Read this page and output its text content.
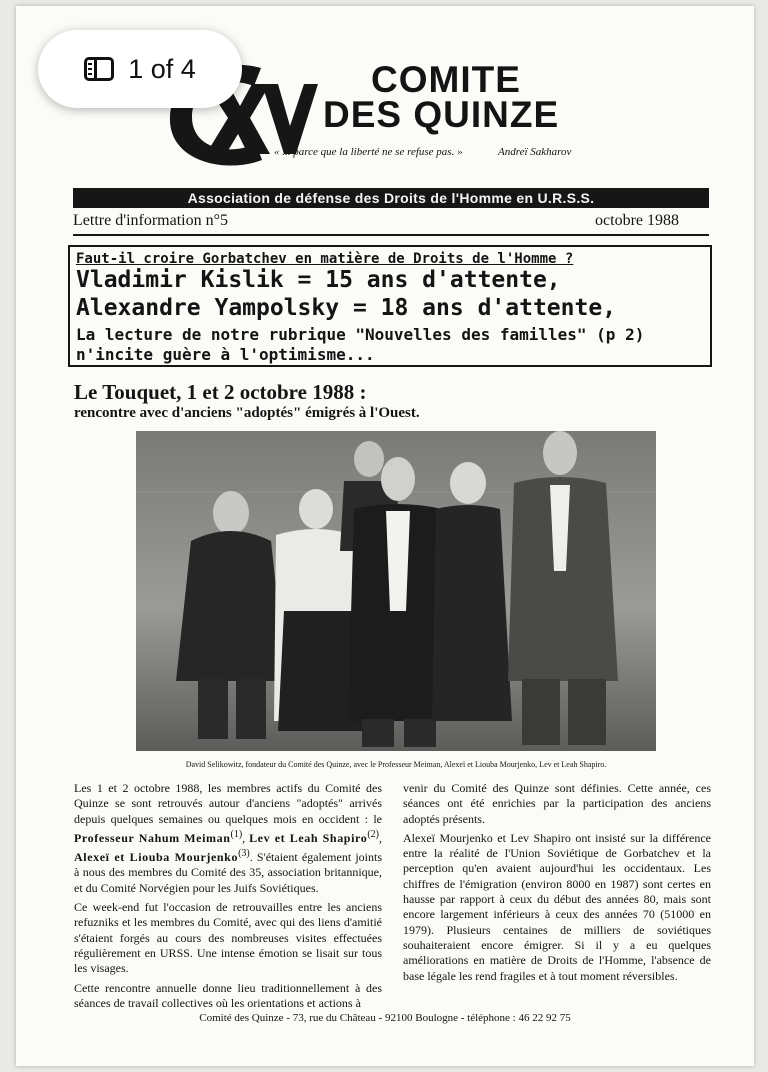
COMITE
DES QUINZE
« ... parce que la liberté ne se refuse pas. »	Andreï Sakharov
Association de défense des Droits de l'Homme en U.R.S.S.
Lettre d'information n°5	octobre 1988
Faut-il croire Gorbatchev en matière de Droits de l'Homme ?
Vladimir Kislik = 15 ans d'attente,
Alexandre Yampolsky = 18 ans d'attente,
La lecture de notre rubrique "Nouvelles des familles" (p 2)
n'incite guère à l'optimisme...
Le Touquet, 1 et 2 octobre 1988 :
rencontre avec d'anciens "adoptés" émigrés à l'Ouest.
David Selikowitz, fondateur du Comité des Quinze, avec le Professeur Meiman, Alexeï et Liouba Mourjenko, Lev et Leah Shapiro.

Les 1 et 2 octobre 1988, les membres actifs du Comité des Quinze se sont retrouvés autour d'anciens "adoptés" arrivés depuis quelques semaines ou quelques mois en occident : le Professeur Nahum Meiman$^{(1)}$, Lev et Leah Shapiro$^{(2)}$, Alexeï et Liouba Mourjenko$^{(3)}$. S'étaient également joints à nous des membres du Comité des 35, association britannique, et du Comité Norvégien pour les Juifs Soviétiques.

Ce week-end fut l'occasion de retrouvailles entre les anciens refuzniks et les membres du Comité, avec qui des liens d'amitié s'étaient forgés au cours des nombreuses visites effectuées régulièrement en URSS. Une intense émotion se lisait sur tous les visages.

Cette rencontre annuelle donne lieu traditionnellement à des séances de travail collectives où les orientations et actions à

venir du Comité des Quinze sont définies. Cette année, ces séances ont été enrichies par la participation des anciens adoptés présents.

Alexeï Mourjenko et Lev Shapiro ont insisté sur la différence entre la réalité de l'Union Soviétique de Gorbatchev et la perception qu'en avaient aujourd'hui les occidentaux. Les chiffres de l'émigration (environ 8000 en 1987) sont certes en hausse par rapport à ceux du début des années 80, mais sont encore largement inférieurs à ceux des années 70 (51000 en 1979). Plusieurs centaines de milliers de soviétiques souhaiteraient encore émigrer. Si il y a eu quelques améliorations en matière de Droits de l'Homme, l'absence de base légale les rend fragiles et à tout moment réversibles.

Comité des Quinze - 73, rue du Château - 92100 Boulogne - téléphone : 46 22 92 75
1 of 4
